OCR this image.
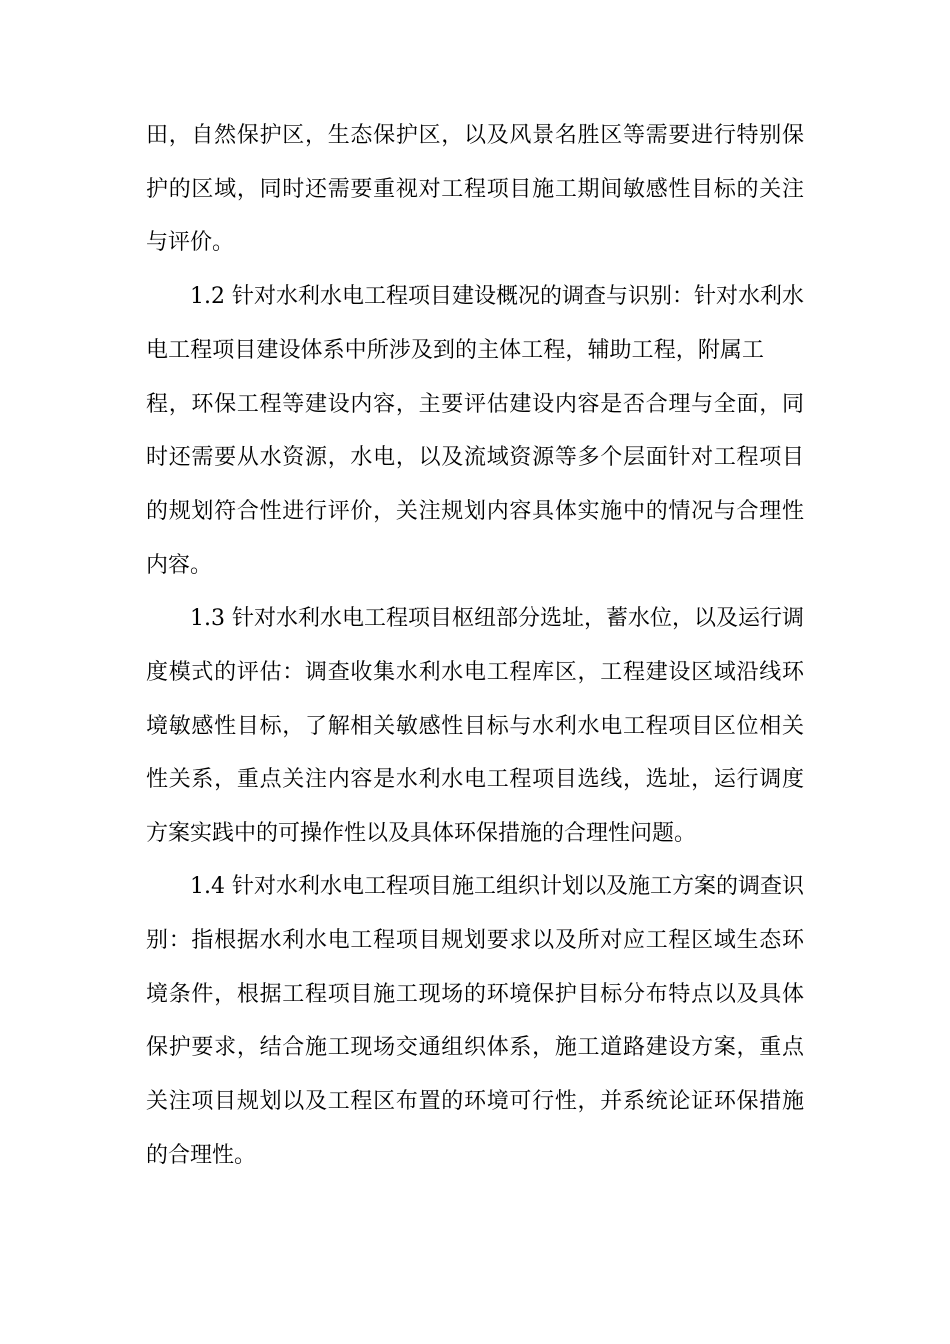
田，自然保护区，生态保护区，以及风景名胜区等需要进行特别保

护的区域，同时还需要重视对工程项目施工期间敏感性目标的关注

与评价。

1.2 针对水利水电工程项目建设概况的调查与识别：针对水利水

电工程项目建设体系中所涉及到的主体工程，辅助工程，附属工

程，环保工程等建设内容，主要评估建设内容是否合理与全面，同

时还需要从水资源，水电，以及流域资源等多个层面针对工程项目

的规划符合性进行评价，关注规划内容具体实施中的情况与合理性

内容。

1.3 针对水利水电工程项目枢纽部分选址，蓄水位，以及运行调

度模式的评估：调查收集水利水电工程库区，工程建设区域沿线环

境敏感性目标，了解相关敏感性目标与水利水电工程项目区位相关

性关系，重点关注内容是水利水电工程项目选线，选址，运行调度

方案实践中的可操作性以及具体环保措施的合理性问题。

1.4 针对水利水电工程项目施工组织计划以及施工方案的调查识

别：指根据水利水电工程项目规划要求以及所对应工程区域生态环

境条件，根据工程项目施工现场的环境保护目标分布特点以及具体

保护要求，结合施工现场交通组织体系，施工道路建设方案，重点

关注项目规划以及工程区布置的环境可行性，并系统论证环保措施

的合理性。
